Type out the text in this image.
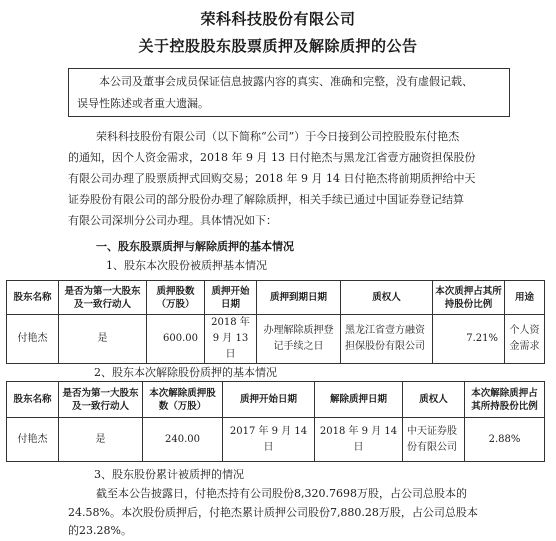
荣科科技股份有限公司
关于控股股东股票质押及解除质押的公告
本公司及董事会成员保证信息披露内容的真实、准确和完整，没有虚假记载、
误导性陈述或者重大遗漏。
荣科科技股份有限公司（以下简称“公司”）于今日接到公司控股股东付艳杰
的通知，因个人资金需求，2018 年 9 月 13 日付艳杰与黑龙江省壹方融资担保股份
有限公司办理了股票质押式回购交易；2018 年 9 月 14 日付艳杰将前期质押给中天
证券股份有限公司的部分股份办理了解除质押，相关手续已通过中国证券登记结算
有限公司深圳分公司办理。具体情况如下：
一、股东股票质押与解除质押的基本情况
1、股东本次股份被质押基本情况
股东名称	是否为第一大股东及一致行动人	质押股数（万股）	质押开始日期	质押到期日期	质权人	本次质押占其所持股份比例	用途
付艳杰	是	600.00	2018 年 9 月 13 日	办理解除质押登记手续之日	黑龙江省壹方融资担保股份有限公司	7.21%	个人资金需求
2、股东本次解除股份质押的基本情况
股东名称	是否为第一大股东及一致行动人	本次解除质押股数（万股）	质押开始日期	解除质押日期	质权人	本次解除质押占其所持股份比例
付艳杰	是	240.00	2017 年 9 月 14 日	2018 年 9 月 14 日	中天证券股份有限公司	2.88%
3、股东股份累计被质押的情况
截至本公告披露日，付艳杰持有公司股份8,320.7698万股，占公司总股本的
24.58%。本次股份质押后，付艳杰累计质押公司股份7,880.28万股，占公司总股本
的23.28%。
